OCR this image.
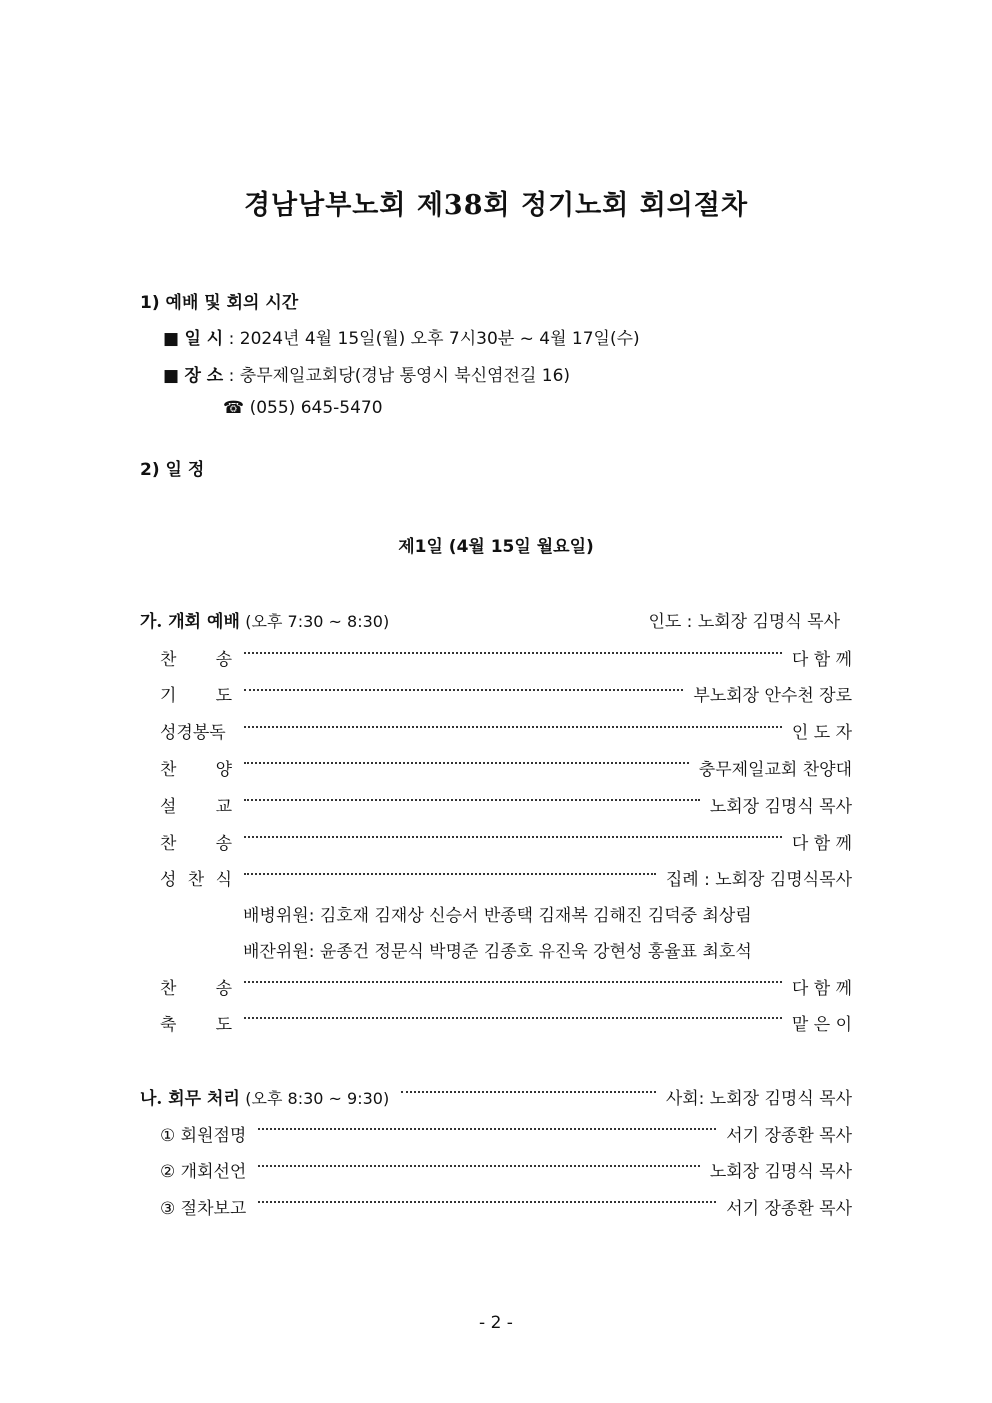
경남남부노회 제38회 정기노회 회의절차
1) 예배 및 회의 시간
■ 일 시 : 2024년 4월 15일(월) 오후 7시30분 ~ 4월 17일(수)
■ 장 소 : 충무제일교회당(경남 통영시 북신염전길 16)
☎ (055) 645-5470
2) 일 정
제1일 (4월 15일 월요일)
가. 개회 예배 (오후 7:30 ~ 8:30)	인도 : 노회장 김명식 목사
찬 송	다 함 께
기 도	부노회장 안수천 장로
성경봉독	인 도 자
찬 양	충무제일교회 찬양대
설 교	노회장 김명식 목사
찬 송	다 함 께
성 찬 식	집례 : 노회장 김명식목사
배병위원: 김호재 김재상 신승서 반종택 김재복 김해진 김덕중 최상림
배잔위원: 윤종건 정문식 박명준 김종호 유진욱 강현성 홍율표 최호석
찬 송	다 함 께
축 도	맡 은 이
나. 회무 처리 (오후 8:30 ~ 9:30)	사회: 노회장 김명식 목사
① 회원점명	서기 장종환 목사
② 개회선언	노회장 김명식 목사
③ 절차보고	서기 장종환 목사
- 2 -
